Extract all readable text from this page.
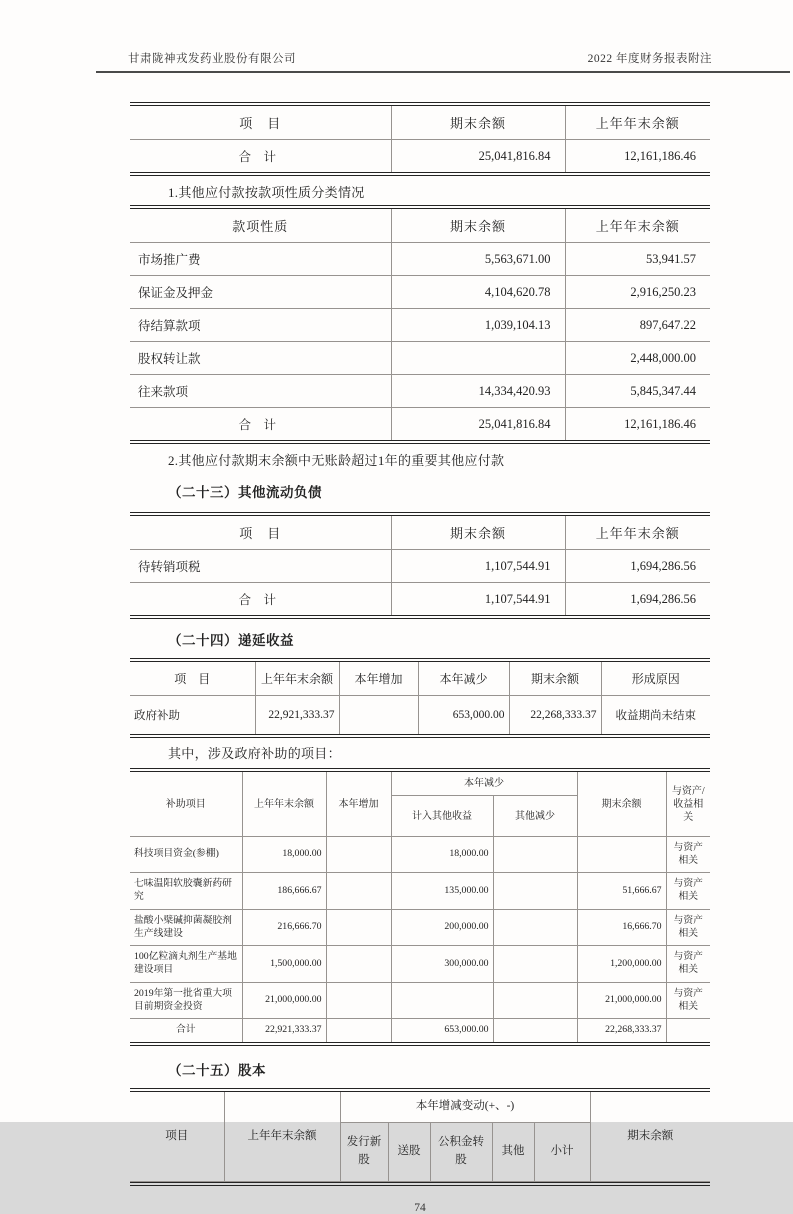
甘肃陇神戎发药业股份有限公司	2022 年度财务报表附注
项　目	期末余额	上年年末余额
合　计	25,041,816.84	12,161,186.46
1.其他应付款按款项性质分类情况
款项性质	期末余额	上年年末余额
市场推广费	5,563,671.00	53,941.57
保证金及押金	4,104,620.78	2,916,250.23
待结算款项	1,039,104.13	897,647.22
股权转让款		2,448,000.00
往来款项	14,334,420.93	5,845,347.44
合　计	25,041,816.84	12,161,186.46
2.其他应付款期末余额中无账龄超过1年的重要其他应付款
（二十三）其他流动负债
项　目	期末余额	上年年末余额
待转销项税	1,107,544.91	1,694,286.56
合　计	1,107,544.91	1,694,286.56
（二十四）递延收益
项　目	上年年末余额	本年增加	本年减少	期末余额	形成原因
政府补助	22,921,333.37		653,000.00	22,268,333.37	收益期尚未结束
其中，涉及政府补助的项目：
补助项目	上年年末余额	本年增加	本年减少		期末余额	与资产/收益相关
			计入其他收益	其他减少		
科技项目资金(参棚)	18,000.00		18,000.00			与资产相关
七味温阳软胶囊新药研究	186,666.67		135,000.00		51,666.67	与资产相关
盐酸小檗碱抑菌凝胶剂生产线建设	216,666.70		200,000.00		16,666.70	与资产相关
100亿粒滴丸剂生产基地建设项目	1,500,000.00		300,000.00		1,200,000.00	与资产相关
2019年第一批省重大项目前期资金投资	21,000,000.00				21,000,000.00	与资产相关
合计	22,921,333.37		653,000.00		22,268,333.37	
（二十五）股本
项目	上年年末余额	本年增减变动(+、-)					期末余额
		发行新股	送股	公积金转股	其他	小计	
74
